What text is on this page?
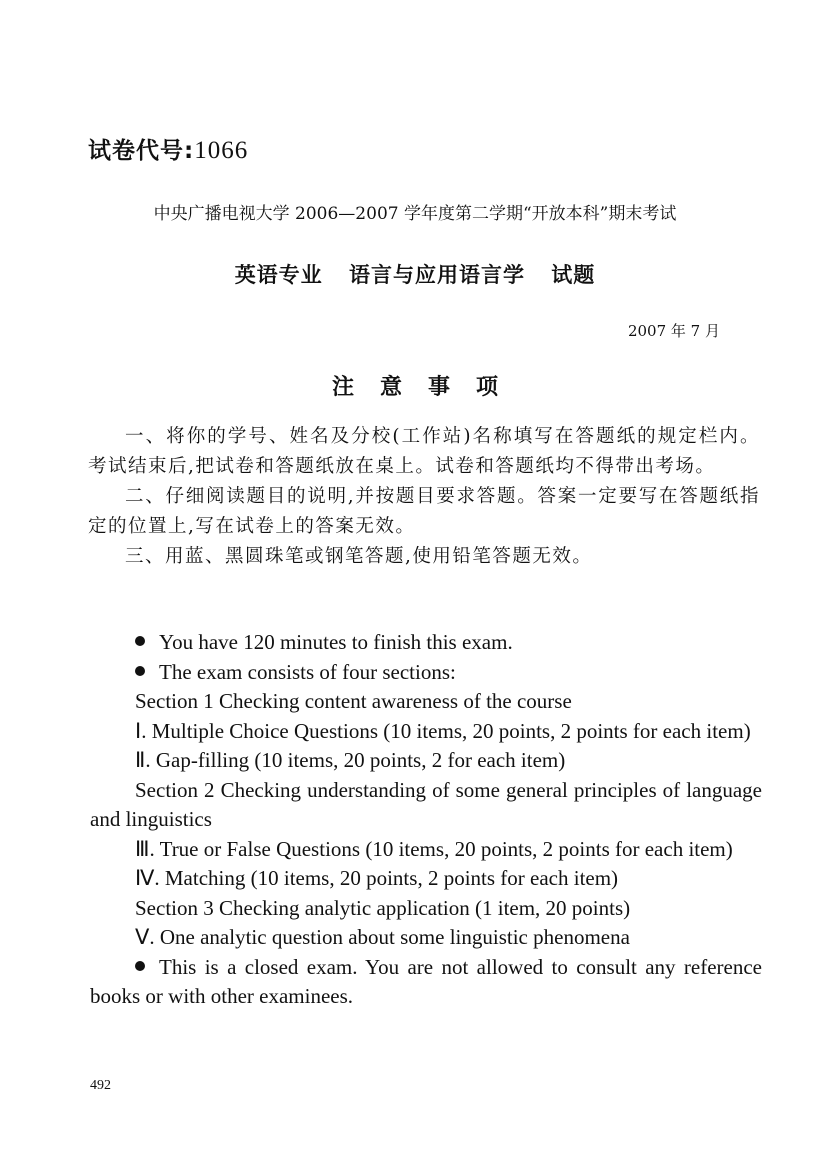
试卷代号:1066
中央广播电视大学 2006—2007 学年度第二学期“开放本科”期末考试
英语专业 语言与应用语言学 试题
2007 年 7 月
注意事项

一、将你的学号、姓名及分校(工作站)名称填写在答题纸的规定栏内。考试结束后,把试卷和答题纸放在桌上。试卷和答题纸均不得带出考场。

二、仔细阅读题目的说明,并按题目要求答题。答案一定要写在答题纸指定的位置上,写在试卷上的答案无效。

三、用蓝、黑圆珠笔或钢笔答题,使用铅笔答题无效。

You have 120 minutes to finish this exam.

The exam consists of four sections:

Section 1 Checking content awareness of the course

Ⅰ. Multiple Choice Questions (10 items, 20 points, 2 points for each item)

Ⅱ. Gap-filling (10 items, 20 points, 2 for each item)

Section 2 Checking understanding of some general principles of language and linguistics

Ⅲ. True or False Questions (10 items, 20 points, 2 points for each item)

Ⅳ. Matching (10 items, 20 points, 2 points for each item)

Section 3 Checking analytic application (1 item, 20 points)

Ⅴ. One analytic question about some linguistic phenomena

This is a closed exam. You are not allowed to consult any reference books or with other examinees.

492
